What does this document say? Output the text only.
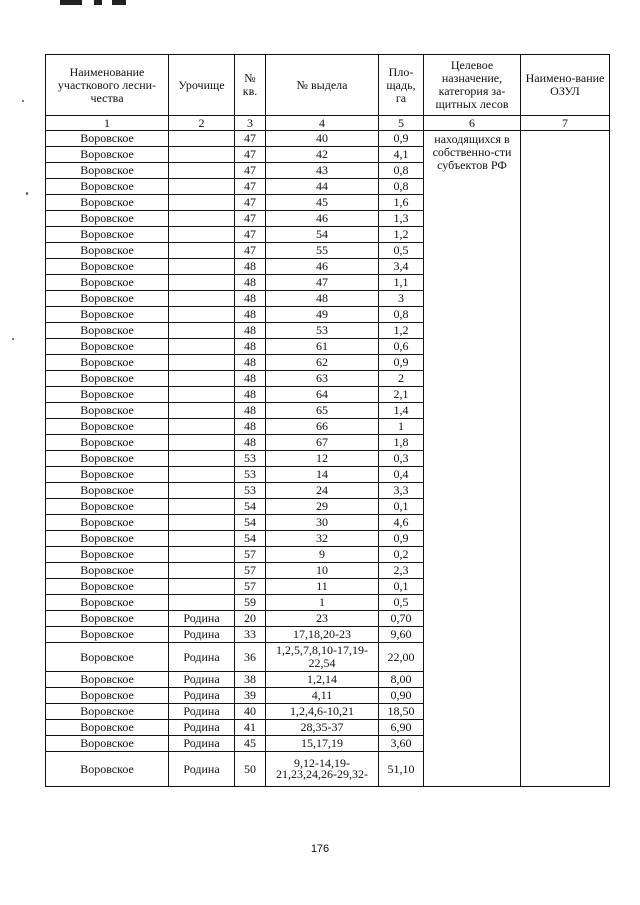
Наименование участкового лесни-чества	Урочище	№ кв.	№ выдела	Пло-щадь, га	Целевое назначение, категория за-щитных лесов	Наимено-вание ОЗУЛ
1	2	3	4	5	6	7
Воровское		47	40	0,9	находящихся в собственно-сти субъектов РФ	
Воровское		47	42	4,1		
Воровское		47	43	0,8		
Воровское		47	44	0,8		
Воровское		47	45	1,6		
Воровское		47	46	1,3		
Воровское		47	54	1,2		
Воровское		47	55	0,5		
Воровское		48	46	3,4		
Воровское		48	47	1,1		
Воровское		48	48	3		
Воровское		48	49	0,8		
Воровское		48	53	1,2		
Воровское		48	61	0,6		
Воровское		48	62	0,9		
Воровское		48	63	2		
Воровское		48	64	2,1		
Воровское		48	65	1,4		
Воровское		48	66	1		
Воровское		48	67	1,8		
Воровское		53	12	0,3		
Воровское		53	14	0,4		
Воровское		53	24	3,3		
Воровское		54	29	0,1		
Воровское		54	30	4,6		
Воровское		54	32	0,9		
Воровское		57	9	0,2		
Воровское		57	10	2,3		
Воровское		57	11	0,1		
Воровское		59	1	0,5		
Воровское	Родина	20	23	0,70		
Воровское	Родина	33	17,18,20-23	9,60		
Воровское	Родина	36	1,2,5,7,8,10-17,19-22,54	22,00		
Воровское	Родина	38	1,2,14	8,00		
Воровское	Родина	39	4,11	0,90		
Воровское	Родина	40	1,2,4,6-10,21	18,50		
Воровское	Родина	41	28,35-37	6,90		
Воровское	Родина	45	15,17,19	3,60		
Воровское	Родина	50	9,12-14,19-21,23,24,26-29,32-	51,10		
176
